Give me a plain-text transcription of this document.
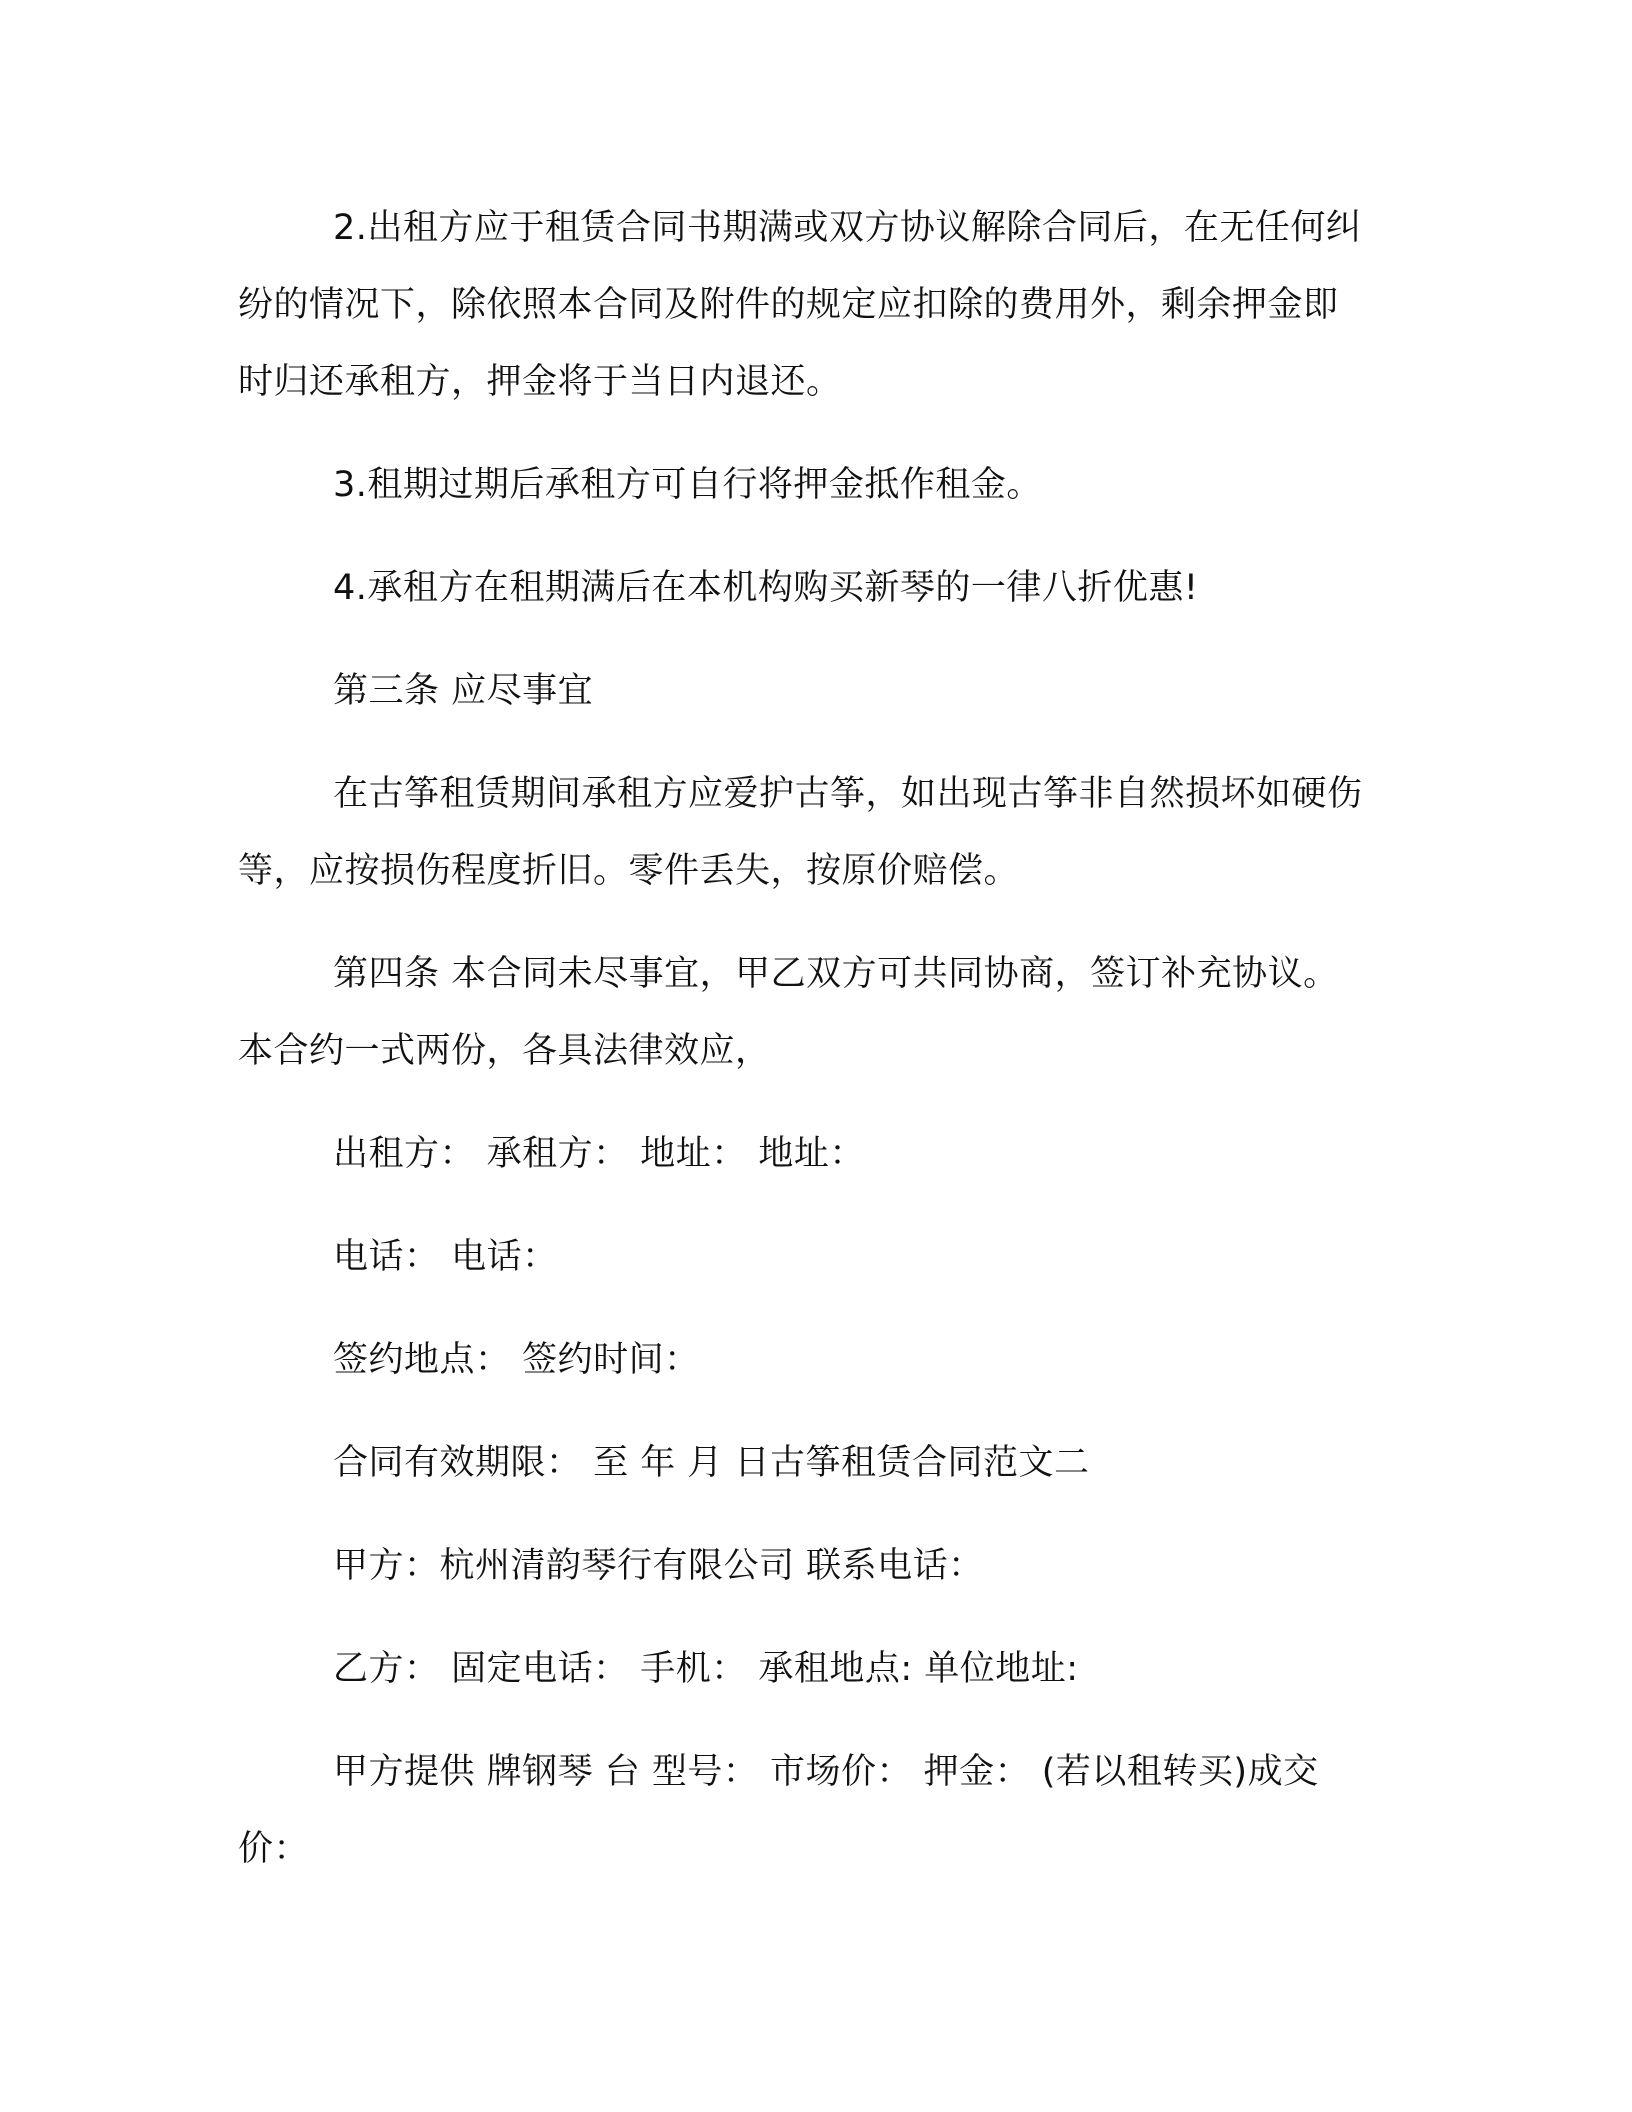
2.出租方应于租赁合同书期满或双方协议解除合同后，在无任何纠纷的情况下，除依照本合同及附件的规定应扣除的费用外，剩余押金即时归还承租方，押金将于当日内退还。

3.租期过期后承租方可自行将押金抵作租金。

4.承租方在租期满后在本机构购买新琴的一律八折优惠!

第三条 应尽事宜

在古筝租赁期间承租方应爱护古筝，如出现古筝非自然损坏如硬伤等，应按损伤程度折旧。零件丢失，按原价赔偿。

第四条 本合同未尽事宜，甲乙双方可共同协商，签订补充协议。本合约一式两份，各具法律效应，

出租方： 承租方： 地址： 地址：

电话： 电话：

签约地点： 签约时间：

合同有效期限： 至 年 月 日古筝租赁合同范文二

甲方：杭州清韵琴行有限公司 联系电话：

乙方： 固定电话： 手机： 承租地点: 单位地址:

甲方提供 牌钢琴 台 型号： 市场价： 押金： (若以租转买)成交价：
